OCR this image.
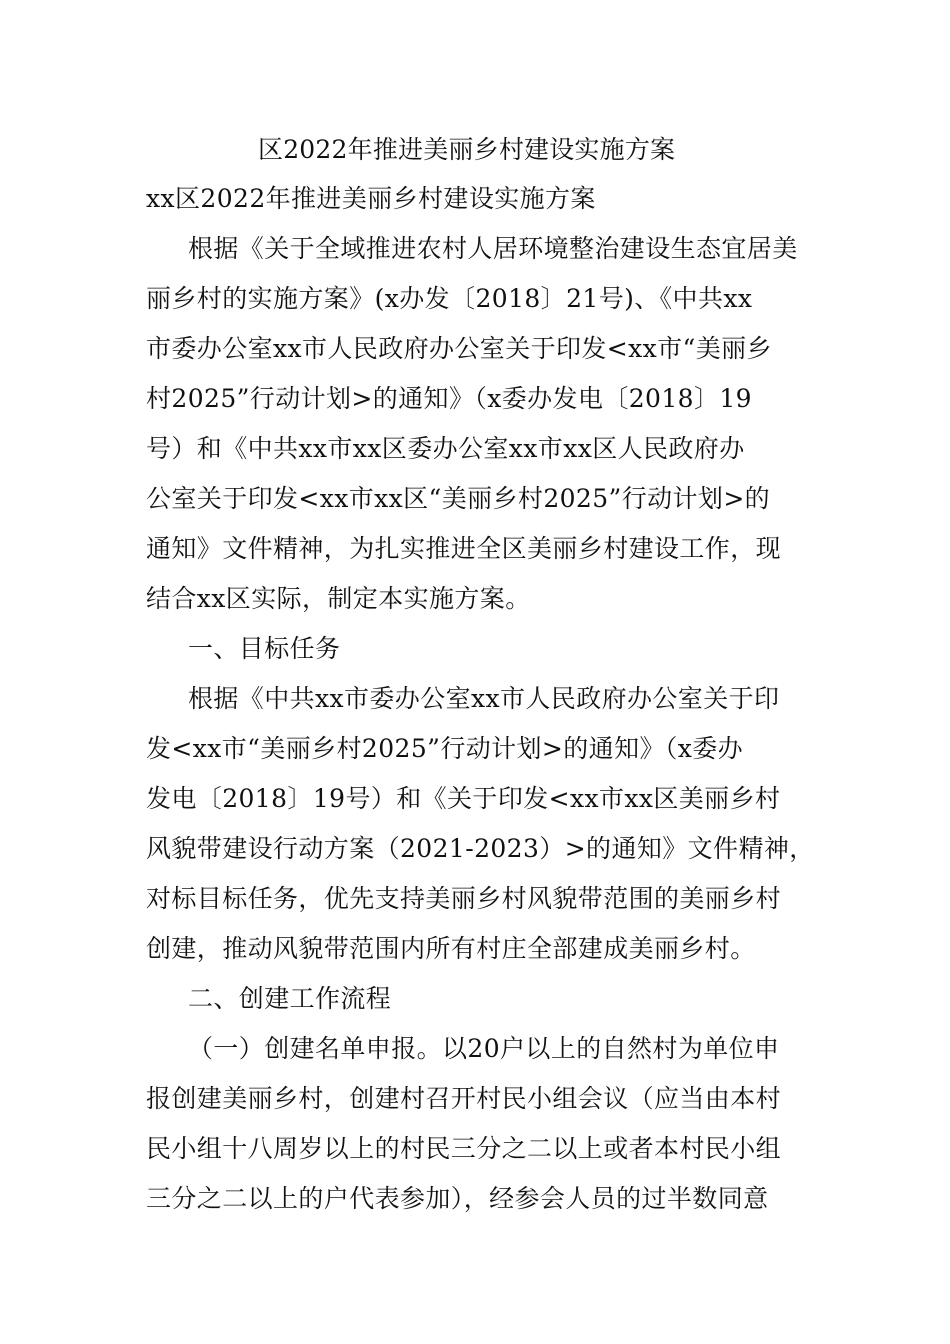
区2022年推进美丽乡村建设实施方案
xx区2022年推进美丽乡村建设实施方案
根据《关于全域推进农村人居环境整治建设生态宜居美
丽乡村的实施方案》(x办发〔2018〕21号)、《中共xx
市委办公室xx市人民政府办公室关于印发<xx市“美丽乡
村2025”行动计划>的通知》（x委办发电〔2018〕19
号）和《中共xx市xx区委办公室xx市xx区人民政府办
公室关于印发<xx市xx区“美丽乡村2025”行动计划>的
通知》文件精神，为扎实推进全区美丽乡村建设工作，现
结合xx区实际，制定本实施方案。
一、目标任务
根据《中共xx市委办公室xx市人民政府办公室关于印
发<xx市“美丽乡村2025”行动计划>的通知》（x委办
发电〔2018〕19号）和《关于印发<xx市xx区美丽乡村
风貌带建设行动方案（2021-2023）>的通知》文件精神，
对标目标任务，优先支持美丽乡村风貌带范围的美丽乡村
创建，推动风貌带范围内所有村庄全部建成美丽乡村。
二、创建工作流程
（一）创建名单申报。以20户以上的自然村为单位申
报创建美丽乡村，创建村召开村民小组会议（应当由本村
民小组十八周岁以上的村民三分之二以上或者本村民小组
三分之二以上的户代表参加），经参会人员的过半数同意
